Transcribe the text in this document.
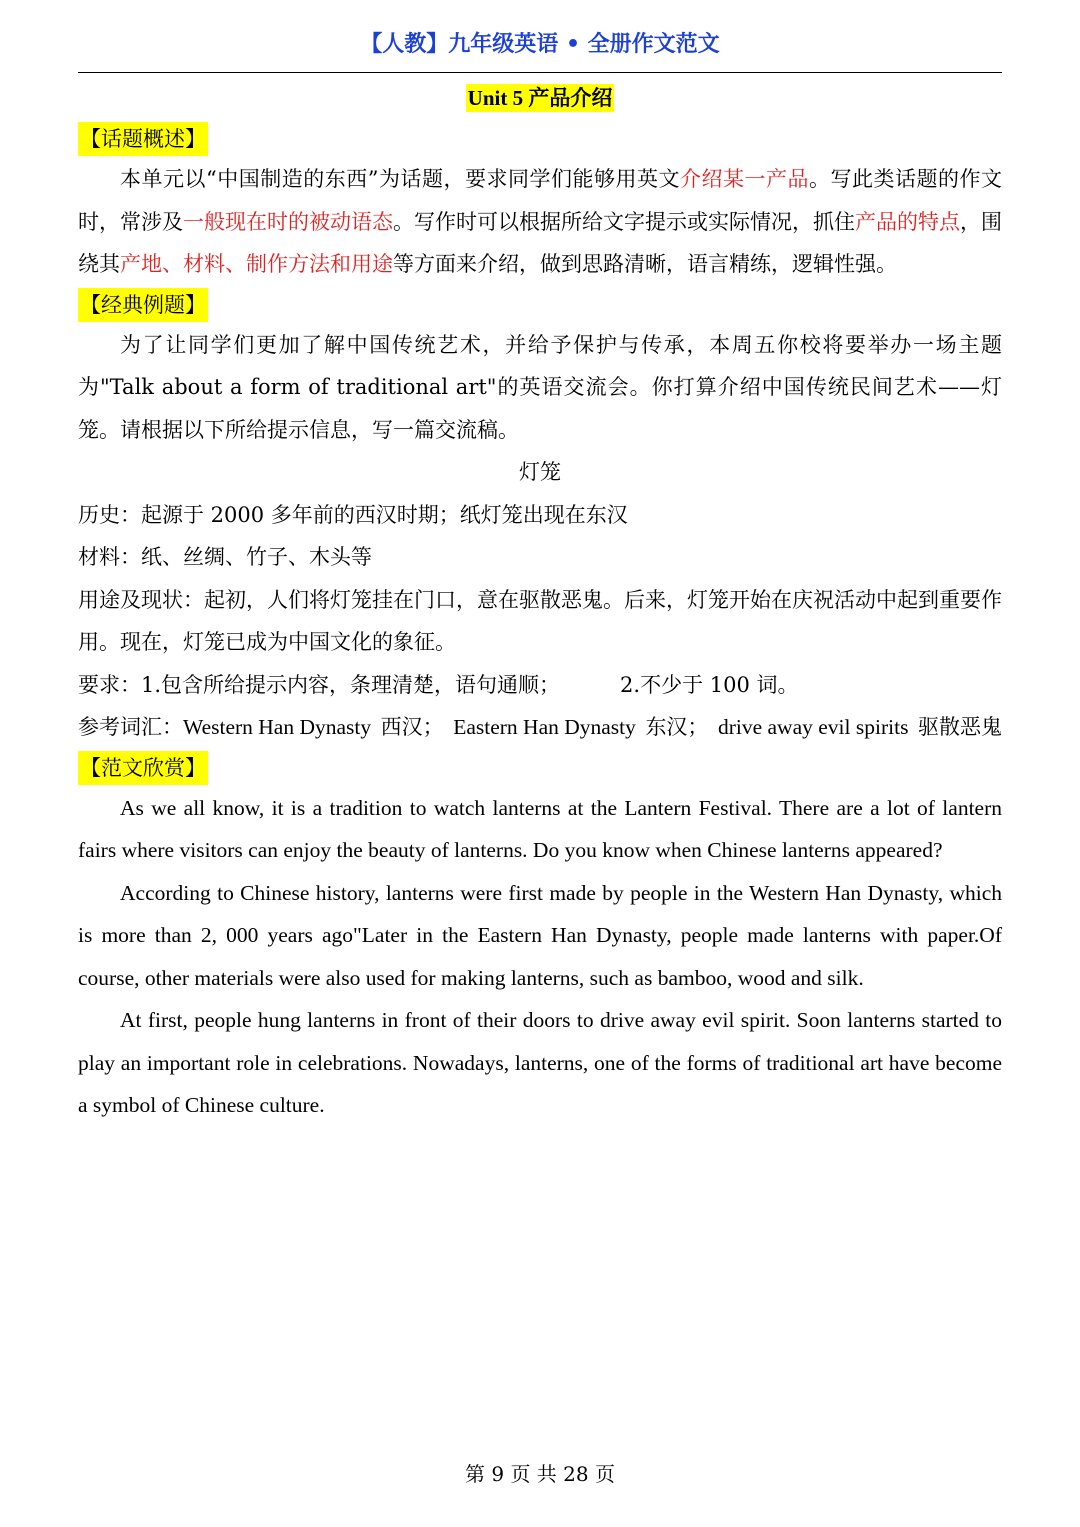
【人教】九年级英语 • 全册作文范文
Unit 5 产品介绍
【话题概述】

本单元以“中国制造的东西”为话题，要求同学们能够用英文介绍某一产品。写此类话题的作文时，常涉及一般现在时的被动语态。写作时可以根据所给文字提示或实际情况，抓住产品的特点，围绕其产地、材料、制作方法和用途等方面来介绍，做到思路清晰，语言精练，逻辑性强。

【经典例题】

为了让同学们更加了解中国传统艺术，并给予保护与传承，本周五你校将要举办一场主题为"Talk about a form of traditional art"的英语交流会。你打算介绍中国传统民间艺术——灯笼。请根据以下所给提示信息，写一篇交流稿。

灯笼

历史：起源于 2000 多年前的西汉时期；纸灯笼出现在东汉

材料：纸、丝绸、竹子、木头等

用途及现状：起初，人们将灯笼挂在门口，意在驱散恶鬼。后来，灯笼开始在庆祝活动中起到重要作用。现在，灯笼已成为中国文化的象征。

要求：1.包含所给提示内容，条理清楚，语句通顺；	2.不少于 100 词。

参考词汇：Western Han Dynasty 西汉； Eastern Han Dynasty 东汉； drive away evil spirits 驱散恶鬼

【范文欣赏】

As we all know, it is a tradition to watch lanterns at the Lantern Festival. There are a lot of lantern fairs where visitors can enjoy the beauty of lanterns. Do you know when Chinese lanterns appeared?

According to Chinese history, lanterns were first made by people in the Western Han Dynasty, which is more than 2, 000 years ago"Later in the Eastern Han Dynasty, people made lanterns with paper.Of course, other materials were also used for making lanterns, such as bamboo, wood and silk.

At first, people hung lanterns in front of their doors to drive away evil spirit. Soon lanterns started to play an important role in celebrations. Nowadays, lanterns, one of the forms of traditional art have become a symbol of Chinese culture.

第 9 页 共 28 页
